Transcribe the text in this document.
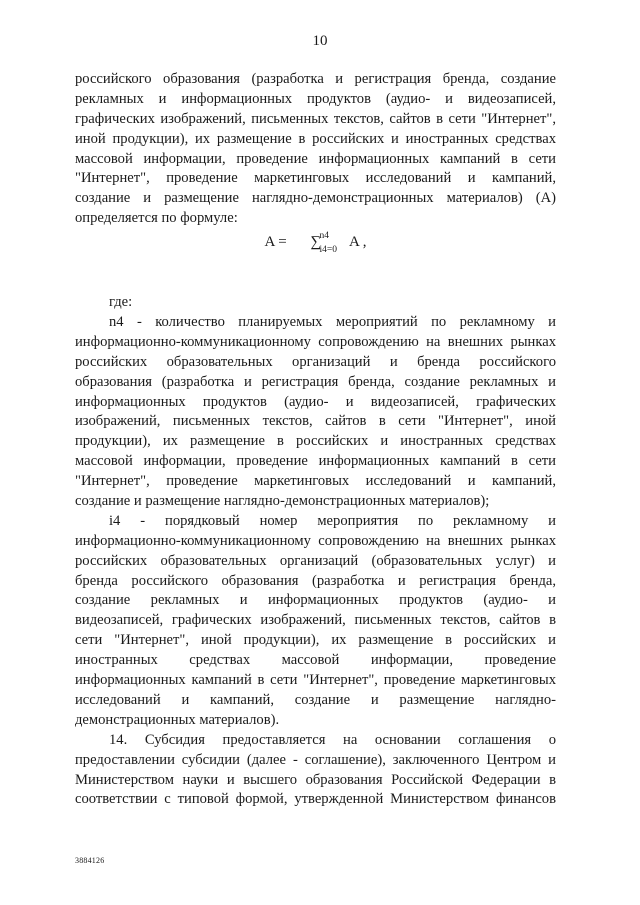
10
российского образования (разработка и регистрация бренда, создание
рекламных и информационных продуктов (аудио- и видеозаписей,
графических изображений, письменных текстов, сайтов в сети "Интернет",
иной продукции), их размещение в российских и иностранных средствах
массовой информации, проведение информационных кампаний в сети
"Интернет", проведение маркетинговых исследований и кампаний,
создание и размещение наглядно-демонстрационных материалов) (А)
определяется по формуле:
A = ∑
n4
i4=0 A ,
где:
n4 - количество планируемых мероприятий по рекламному и
информационно-коммуникационному сопровождению на внешних рынках
российских образовательных организаций и бренда российского
образования (разработка и регистрация бренда, создание рекламных и
информационных продуктов (аудио- и видеозаписей, графических
изображений, письменных текстов, сайтов в сети "Интернет", иной
продукции), их размещение в российских и иностранных средствах
массовой информации, проведение информационных кампаний в сети
"Интернет", проведение маркетинговых исследований и кампаний,
создание и размещение наглядно-демонстрационных материалов);
i4 - порядковый номер мероприятия по рекламному и
информационно-коммуникационному сопровождению на внешних рынках
российских образовательных организаций (образовательных услуг) и
бренда российского образования (разработка и регистрация бренда,
создание рекламных и информационных продуктов (аудио- и
видеозаписей, графических изображений, письменных текстов, сайтов в
сети "Интернет", иной продукции), их размещение в российских и
иностранных средствах массовой информации, проведение
информационных кампаний в сети "Интернет", проведение маркетинговых
исследований и кампаний, создание и размещение наглядно-
демонстрационных материалов).
14. Субсидия предоставляется на основании соглашения о
предоставлении субсидии (далее - соглашение), заключенного Центром и
Министерством науки и высшего образования Российской Федерации в
соответствии с типовой формой, утвержденной Министерством финансов
3884126
